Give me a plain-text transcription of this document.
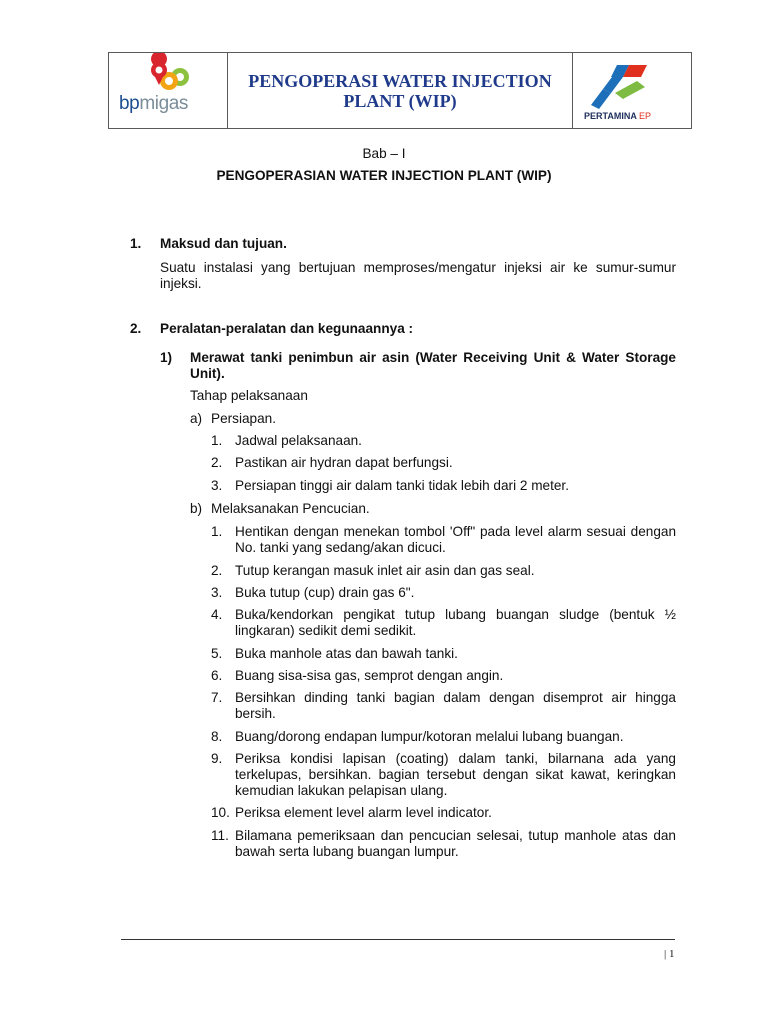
bpmigas
PENGOPERASI WATER INJECTION PLANT (WIP)
PERTAMINA EP
Bab – I
PENGOPERASIAN WATER INJECTION PLANT (WIP)
1. Maksud dan tujuan.
Suatu instalasi yang bertujuan memproses/mengatur injeksi air ke sumur-sumur injeksi.
2. Peralatan-peralatan dan kegunaannya :
1) Merawat tanki penimbun air asin (Water Receiving Unit & Water Storage Unit).
Tahap pelaksanaan
a) Persiapan.
1. Jadwal pelaksanaan.
2. Pastikan air hydran dapat berfungsi.
3. Persiapan tinggi air dalam tanki tidak lebih dari 2 meter.
b) Melaksanakan Pencucian.
1. Hentikan dengan menekan tombol 'Off" pada level alarm sesuai dengan No. tanki yang sedang/akan dicuci.
2. Tutup kerangan masuk inlet air asin dan gas seal.
3. Buka tutup (cup) drain gas 6".
4. Buka/kendorkan pengikat tutup lubang buangan sludge (bentuk ½ lingkaran) sedikit demi sedikit.
5. Buka manhole atas dan bawah tanki.
6. Buang sisa-sisa gas, semprot dengan angin.
7. Bersihkan dinding tanki bagian dalam dengan disemprot air hingga bersih.
8. Buang/dorong endapan lumpur/kotoran melalui lubang buangan.
9. Periksa kondisi lapisan (coating) dalam tanki, bilarnana ada yang terkelupas, bersihkan. bagian tersebut dengan sikat kawat, keringkan kemudian lakukan pelapisan ulang.
10. Periksa element level alarm level indicator.
11. Bilamana pemeriksaan dan pencucian selesai, tutup manhole atas dan bawah serta lubang buangan lumpur.
| 1
